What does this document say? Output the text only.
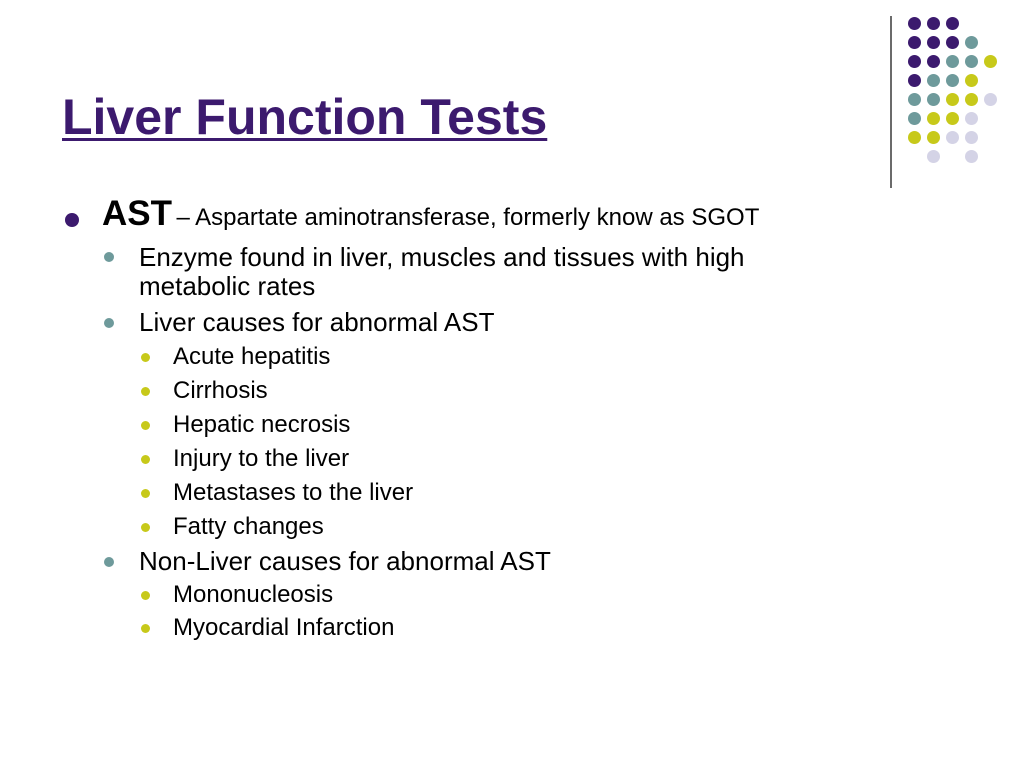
Liver Function Tests
AST – Aspartate aminotransferase, formerly know as SGOT
Enzyme found in liver, muscles and tissues with high
metabolic rates
Liver causes for abnormal AST
Acute hepatitis
Cirrhosis
Hepatic necrosis
Injury to the liver
Metastases to the liver
Fatty changes
Non-Liver causes for abnormal AST
Mononucleosis
Myocardial Infarction
